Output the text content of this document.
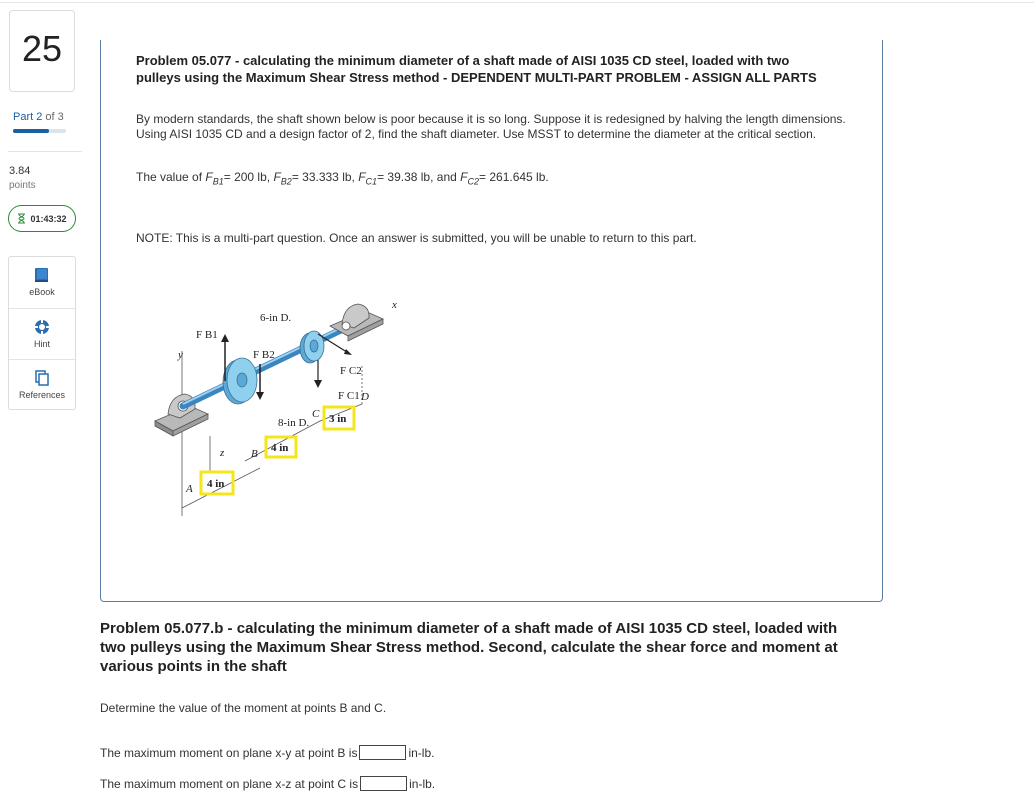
25
Part 2 of 3
3.84
points
01:43:32
eBook
Hint
References
Problem 05.077 - calculating the minimum diameter of a shaft made of AISI 1035 CD steel, loaded with two pulleys using the Maximum Shear Stress method - DEPENDENT MULTI-PART PROBLEM - ASSIGN ALL PARTS
By modern standards, the shaft shown below is poor because it is so long. Suppose it is redesigned by halving the length dimensions. Using AISI 1035 CD and a design factor of 2, find the shaft diameter. Use MSST to determine the diameter at the critical section.
The value of $F_{B1}= 200$ lb, $F_{B2}= 33.333$ lb, $F_{C1}= 39.38$ lb, and $F_{C2}= 261.645$ lb.
NOTE: This is a multi-part question. Once an answer is submitted, you will be unable to return to this part.
F B1
F B2
6-in D.
F C2
F C1
8-in D.
x
y
z
A
B
C
D
4 in
4 in
3 in
Problem 05.077.b - calculating the minimum diameter of a shaft made of AISI 1035 CD steel, loaded with two pulleys using the Maximum Shear Stress method. Second, calculate the shear force and moment at various points in the shaft
Determine the value of the moment at points B and C.
The maximum moment on plane x-y at point B is	in-lb.
The maximum moment on plane x-z at point C is	in-lb.
